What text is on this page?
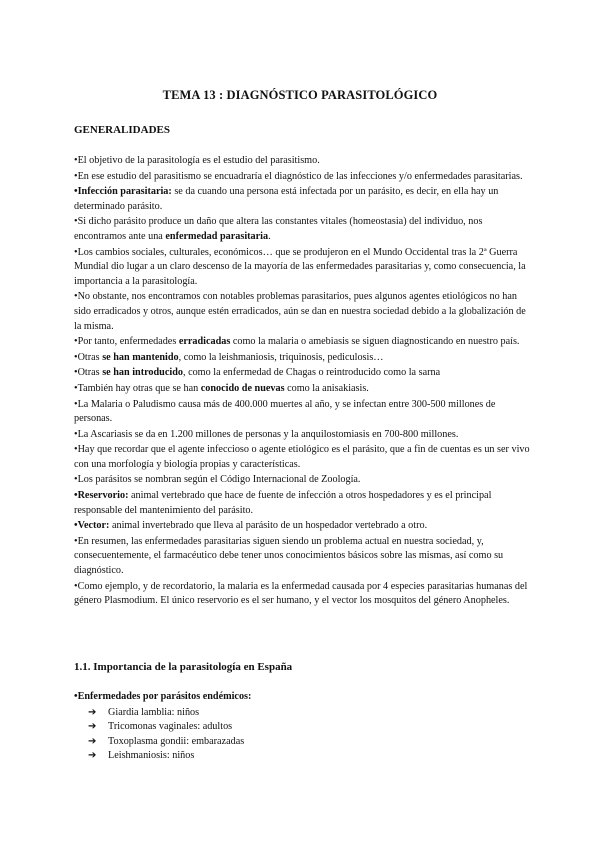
TEMA 13 : DIAGNÓSTICO PARASITOLÓGICO
GENERALIDADES

•El objetivo de la parasitología es el estudio del parasitismo.

•En ese estudio del parasitismo se encuadraría el diagnóstico de las infecciones y/o enfermedades parasitarias.

•Infección parasitaria: se da cuando una persona está infectada por un parásito, es decir, en ella hay un determinado parásito.

•Si dicho parásito produce un daño que altera las constantes vitales (homeostasia) del individuo, nos encontramos ante una enfermedad parasitaria.

•Los cambios sociales, culturales, económicos… que se produjeron en el Mundo Occidental tras la 2ª Guerra Mundial dio lugar a un claro descenso de la mayoría de las enfermedades parasitarias y, como consecuencia, la importancia a la parasitología.

•No obstante, nos encontramos con notables problemas parasitarios, pues algunos agentes etiológicos no han sido erradicados y otros, aunque estén erradicados, aún se dan en nuestra sociedad debido a la globalización de la misma.

•Por tanto, enfermedades erradicadas como la malaria o amebiasis se siguen diagnosticando en nuestro país.

•Otras se han mantenido, como la leishmaniosis, triquinosis, pediculosis…

•Otras se han introducido, como la enfermedad de Chagas o reintroducido como la sarna

•También hay otras que se han conocido de nuevas como la anisakiasis.

•La Malaria o Paludismo causa más de 400.000 muertes al año, y se infectan entre 300-500 millones de personas.

•La Ascariasis se da en 1.200 millones de personas y la anquilostomiasis en 700-800 millones.

•Hay que recordar que el agente infeccioso o agente etiológico es el parásito, que a fin de cuentas es un ser vivo con una morfología y biología propias y características.

•Los parásitos se nombran según el Código Internacional de Zoología.

•Reservorio: animal vertebrado que hace de fuente de infección a otros hospedadores y es el principal responsable del mantenimiento del parásito.

•Vector: animal invertebrado que lleva al parásito de un hospedador vertebrado a otro.

•En resumen, las enfermedades parasitarias siguen siendo un problema actual en nuestra sociedad, y, consecuentemente, el farmacéutico debe tener unos conocimientos básicos sobre las mismas, así como su diagnóstico.

•Como ejemplo, y de recordatorio, la malaria es la enfermedad causada por 4 especies parasitarias humanas del género Plasmodium. El único reservorio es el ser humano, y el vector los mosquitos del género Anopheles.

1.1. Importancia de la parasitología en España

•Enfermedades por parásitos endémicos:

➔ Giardia lamblia: niños
➔ Tricomonas vaginales: adultos
➔ Toxoplasma gondii: embarazadas
➔ Leishmaniosis: niños
